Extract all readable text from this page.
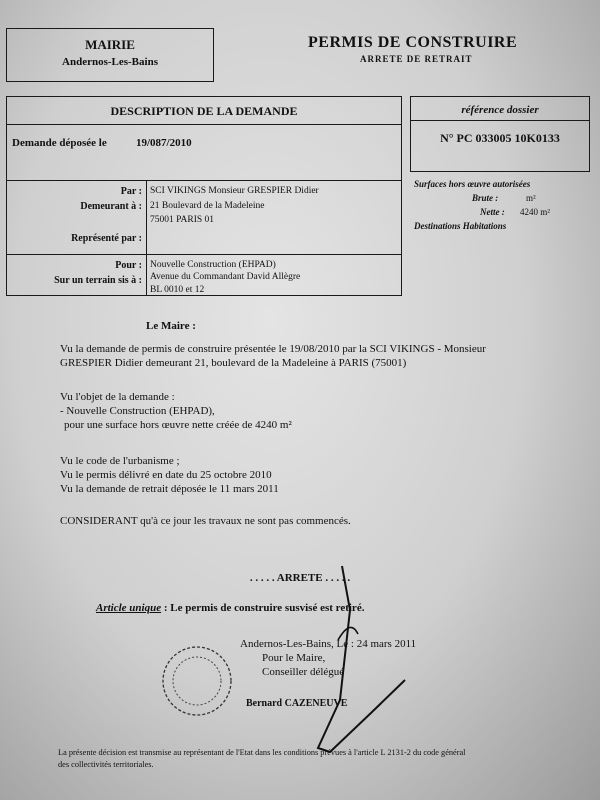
MAIRIE
Andernos-Les-Bains
PERMIS DE CONSTRUIRE
ARRETE DE RETRAIT
DESCRIPTION DE LA DEMANDE
Demande déposée le	19/087/2010
Par : SCI VIKINGS Monsieur GRESPIER Didier
Demeurant à : 21 Boulevard de la Madeleine
75001 PARIS 01
Représenté par :
Pour : Nouvelle Construction (EHPAD)
Sur un terrain sis à : Avenue du Commandant David Allègre
BL 0010 et 12
référence dossier
N° PC 033005 10K0133
Surfaces hors œuvre autorisées
Brute :	m²
Nette : 4240 m²
Destinations Habitations
Le Maire :
Vu la demande de permis de construire présentée le 19/08/2010 par la SCI VIKINGS - Monsieur
GRESPIER Didier demeurant 21, boulevard de la Madeleine à PARIS (75001)
Vu l'objet de la demande :
- Nouvelle Construction (EHPAD),
pour une surface hors œuvre nette créée de 4240 m²
Vu le code de l'urbanisme ;
Vu le permis délivré en date du 25 octobre 2010
Vu la demande de retrait déposée le 11 mars 2011
CONSIDERANT qu'à ce jour les travaux ne sont pas commencés.
. . . . . ARRETE . . . . .
Article unique : Le permis de construire susvisé est retiré.
Andernos-Les-Bains, Le : 24 mars 2011
Pour le Maire,
Conseiller délégué
Bernard CAZENEUVE
La présente décision est transmise au représentant de l'Etat dans les conditions prévues à l'article L 2131-2 du code général
des collectivités territoriales.
